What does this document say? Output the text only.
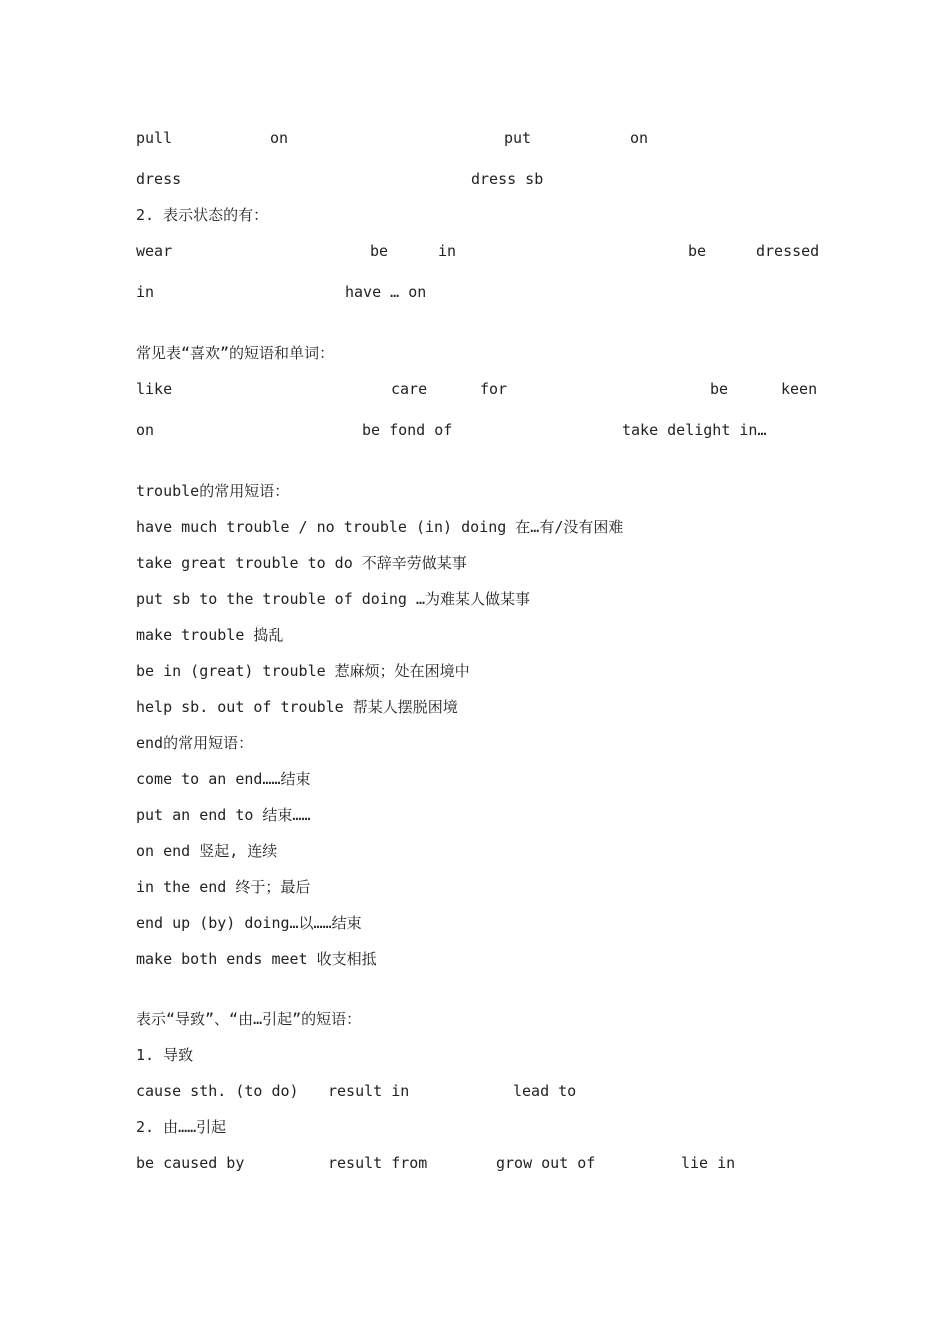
pull	on	put	on
dress	dress sb
2. 表示状态的有：
wear	be	in	be	dressed
in	have … on
常见表“喜欢”的短语和单词：
like	care	for	be	keen
on	be fond of	take delight in…
trouble的常用短语：
have much trouble / no trouble (in) doing 在…有/没有困难
take great trouble to do 不辞辛劳做某事
put sb to the trouble of doing …为难某人做某事
make trouble 捣乱
be in (great) trouble 惹麻烦；处在困境中
help sb. out of trouble 帮某人摆脱困境
end的常用短语：
come to an end……结束
put an end to 结束……
on end 竖起, 连续
in the end 终于；最后
end up (by) doing…以……结束
make both ends meet 收支相抵
表示“导致”、“由…引起”的短语：
1. 导致
cause sth. (to do) result in	lead to
2. 由……引起
be caused by	result from	grow out of	lie in
